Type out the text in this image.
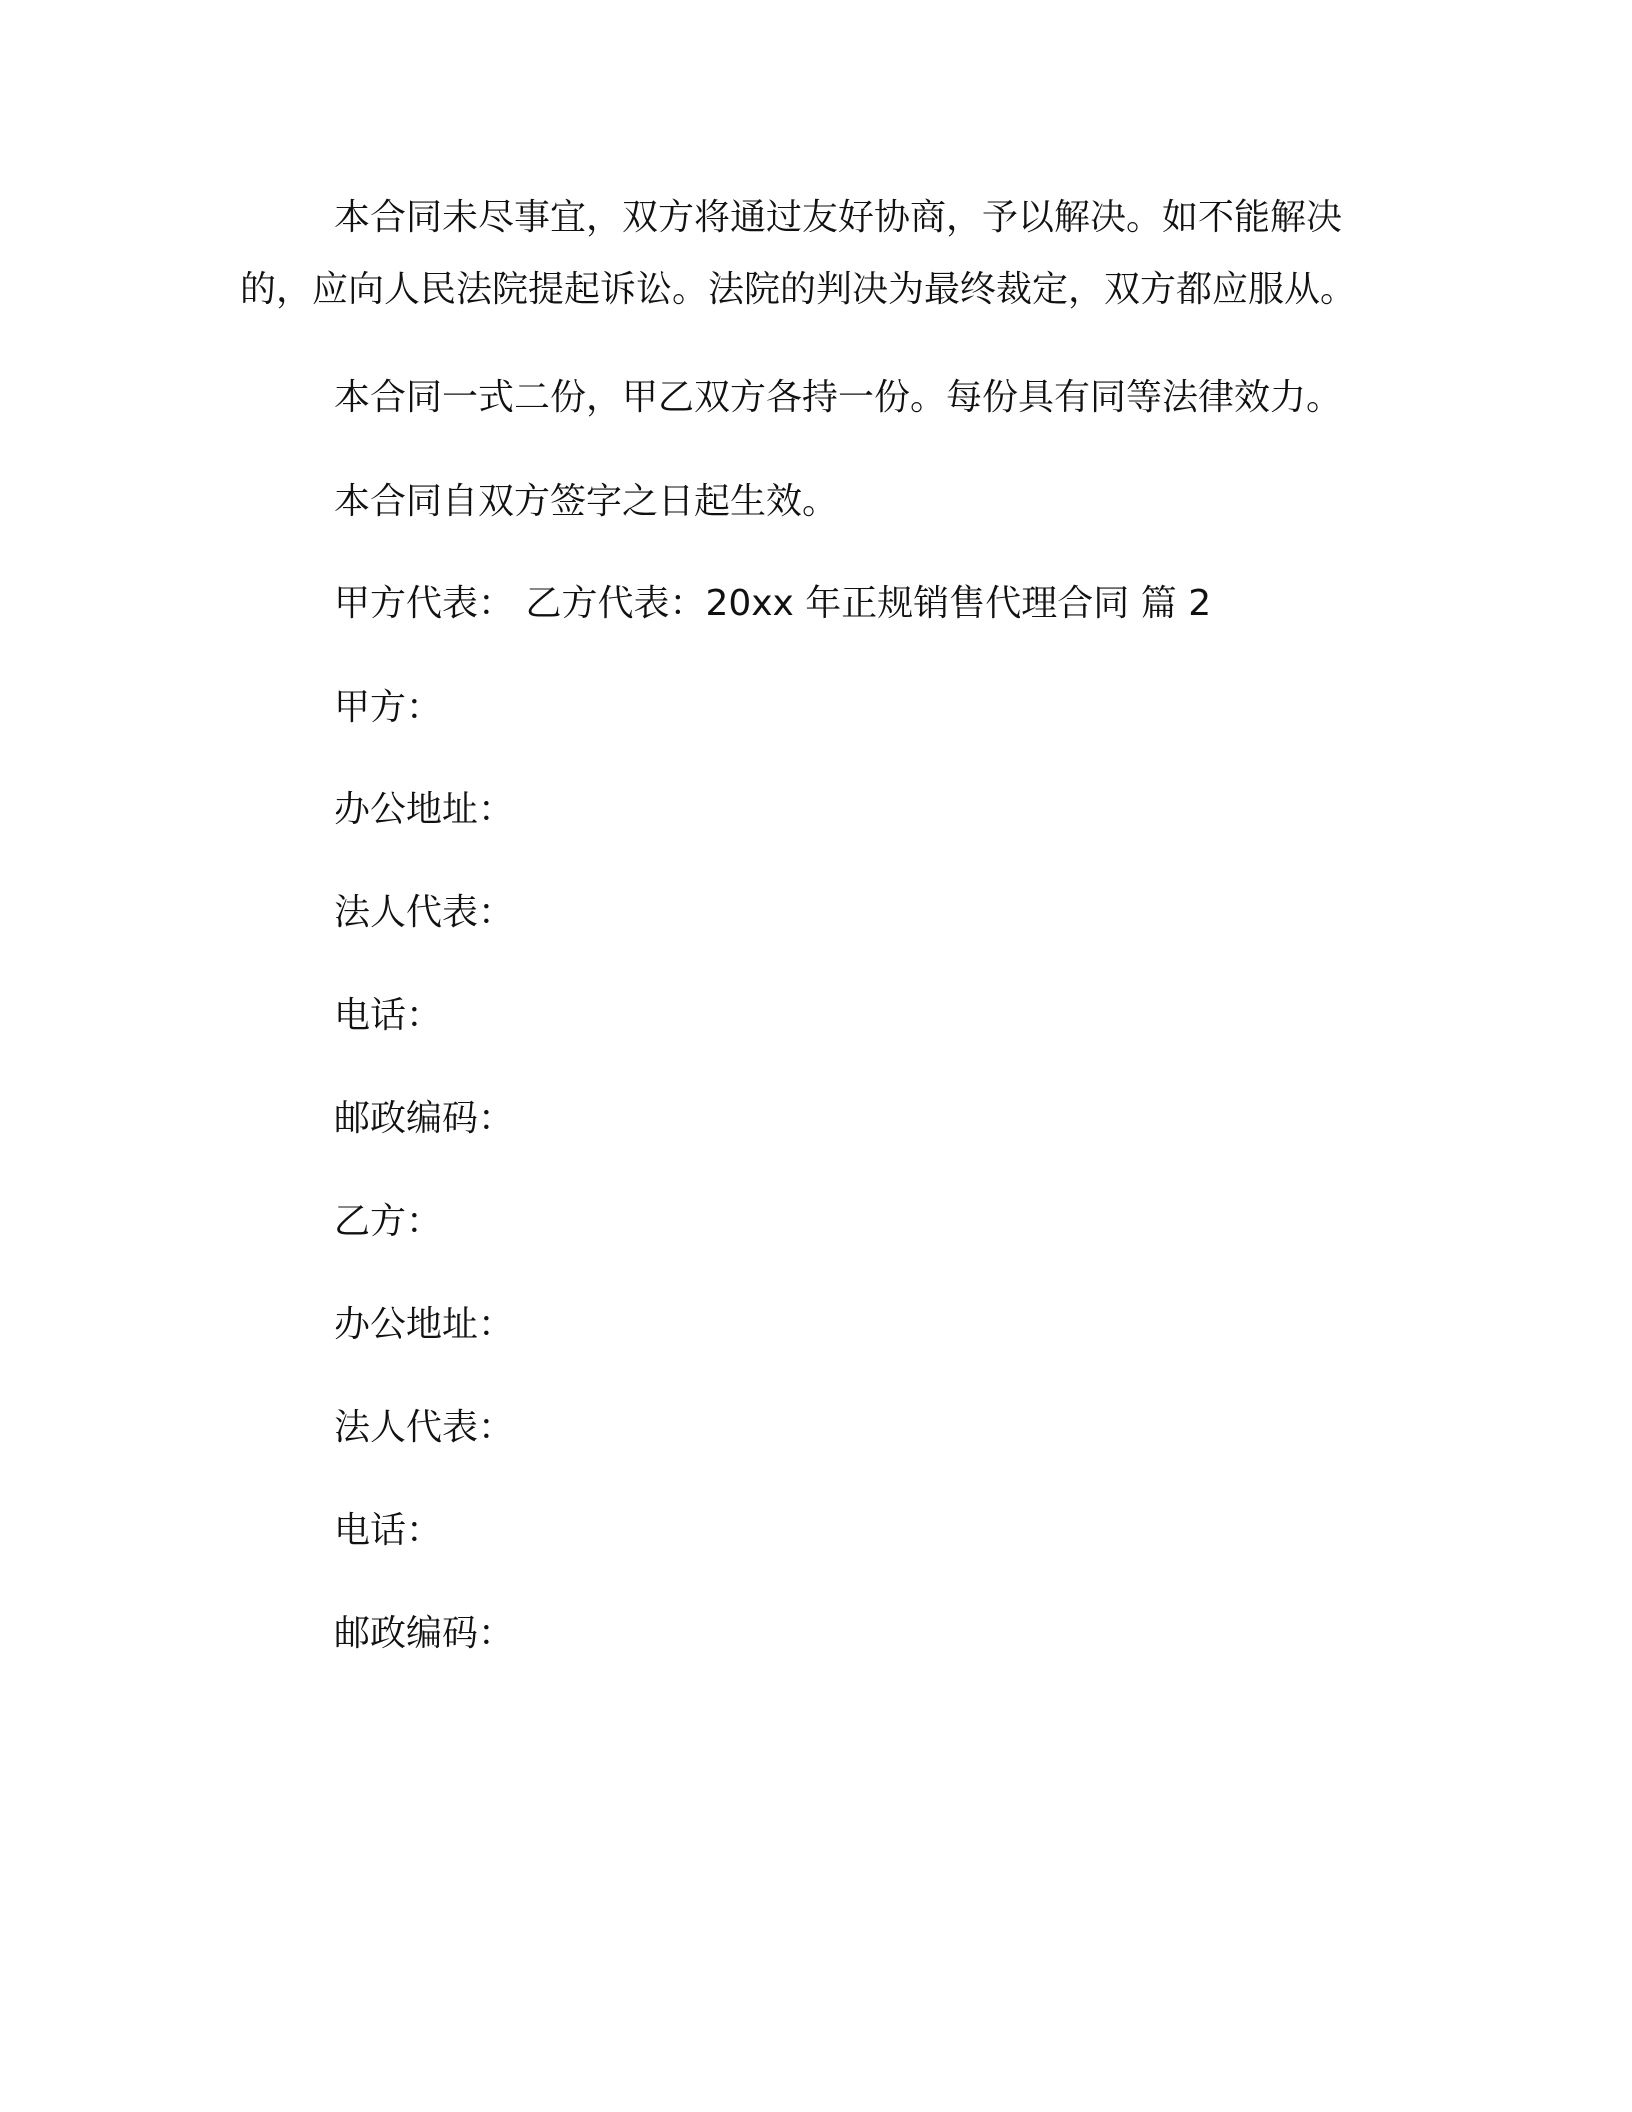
本合同未尽事宜，双方将通过友好协商，予以解决。如不能解决的，应向人民法院提起诉讼。法院的判决为最终裁定，双方都应服从。

本合同一式二份，甲乙双方各持一份。每份具有同等法律效力。

本合同自双方签字之日起生效。

甲方代表： 乙方代表：20xx 年正规销售代理合同 篇 2

甲方：

办公地址：

法人代表：

电话：

邮政编码：

乙方：

办公地址：

法人代表：

电话：

邮政编码：
